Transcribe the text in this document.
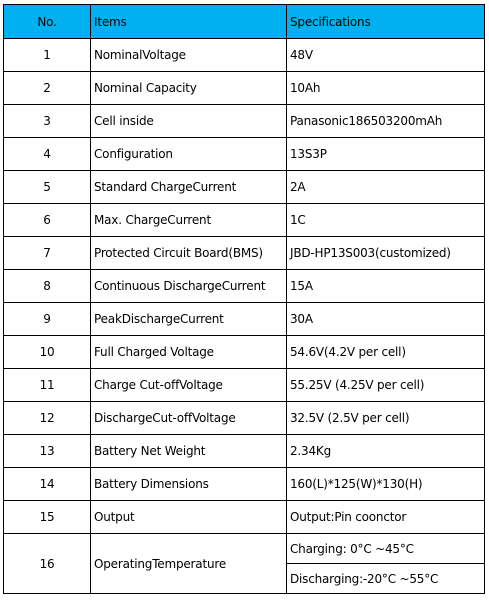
No.	Items	Specifications
1	NominalVoltage	48V
2	Nominal Capacity	10Ah
3	Cell inside	Panasonic186503200mAh
4	Configuration	13S3P
5	Standard ChargeCurrent	2A
6	Max. ChargeCurrent	1C
7	Protected Circuit Board(BMS)	JBD-HP13S003(customized)
8	Continuous DischargeCurrent	15A
9	PeakDischargeCurrent	30A
10	Full Charged Voltage	54.6V(4.2V per cell)
11	Charge Cut-offVoltage	55.25V (4.25V per cell)
12	DischargeCut-offVoltage	32.5V (2.5V per cell)
13	Battery Net Weight	2.34Kg
14	Battery Dimensions	160(L)*125(W)*130(H)
15	Output	Output:Pin coonctor
16	OperatingTemperature	Charging: 0°C ~45°C
		Discharging:-20°C ~55°C
